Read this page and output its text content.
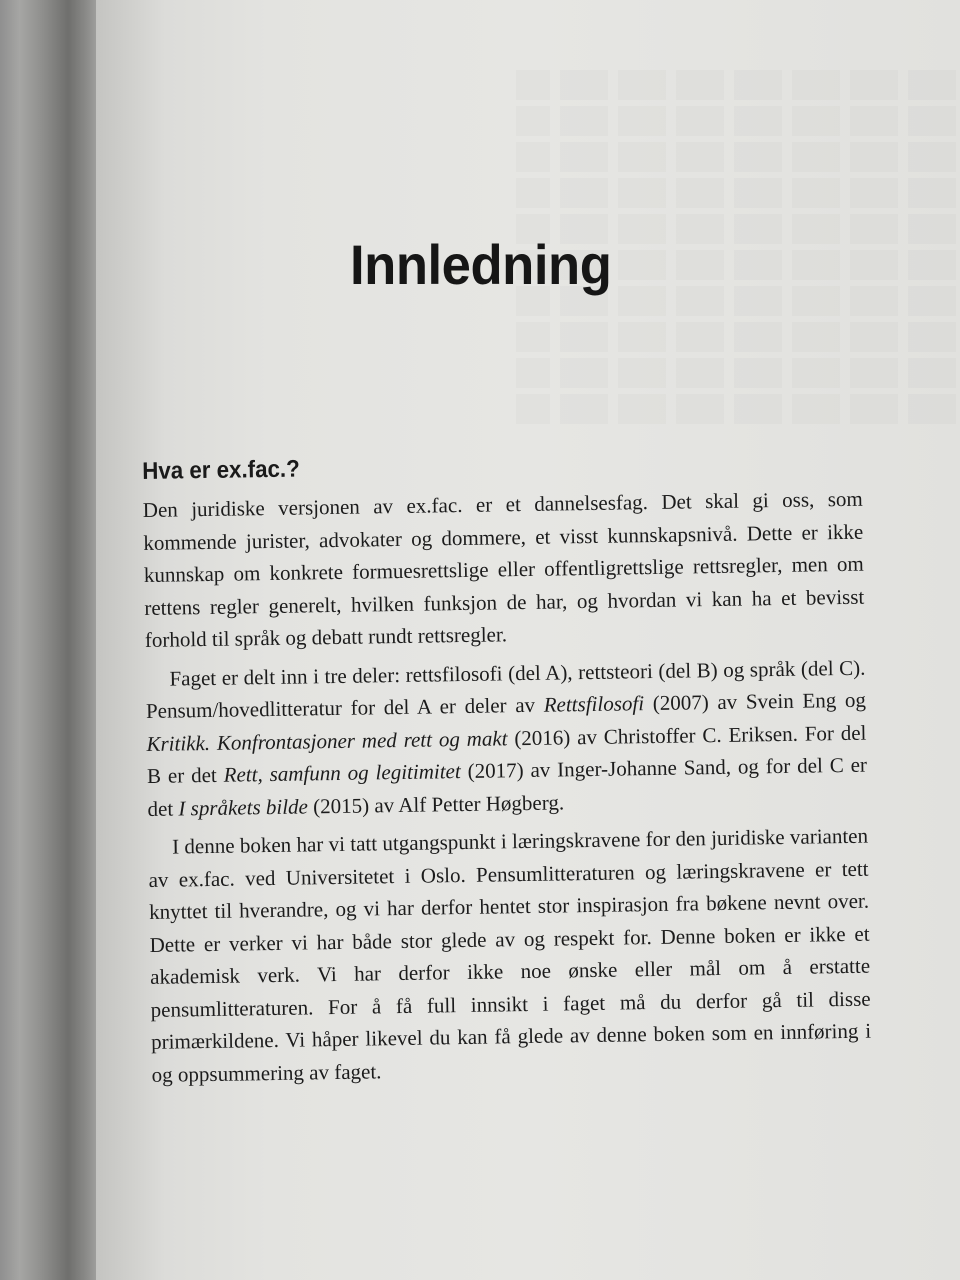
Innledning
Hva er ex.fac.?

Den juridiske versjonen av ex.fac. er et dannelsesfag. Det skal gi oss, som kommende jurister, advokater og dommere, et visst kunnskapsnivå. Dette er ikke kunnskap om konkrete formuesrettslige eller offentligrettslige rettsregler, men om rettens regler generelt, hvilken funksjon de har, og hvordan vi kan ha et bevisst forhold til språk og debatt rundt rettsregler.

Faget er delt inn i tre deler: rettsfilosofi (del A), rettsteori (del B) og språk (del C). Pensum/hovedlitteratur for del A er deler av Rettsfilosofi (2007) av Svein Eng og Kritikk. Konfrontasjoner med rett og makt (2016) av Christoffer C. Eriksen. For del B er det Rett, samfunn og legitimitet (2017) av Inger-Johanne Sand, og for del C er det I språkets bilde (2015) av Alf Petter Høgberg.

I denne boken har vi tatt utgangspunkt i læringskravene for den juridiske varianten av ex.fac. ved Universitetet i Oslo. Pensumlitteraturen og læringskravene er tett knyttet til hverandre, og vi har derfor hentet stor inspirasjon fra bøkene nevnt over. Dette er verker vi har både stor glede av og respekt for. Denne boken er ikke et akademisk verk. Vi har derfor ikke noe ønske eller mål om å erstatte pensumlitteraturen. For å få full innsikt i faget må du derfor gå til disse primærkildene. Vi håper likevel du kan få glede av denne boken som en innføring i og oppsummering av faget.
